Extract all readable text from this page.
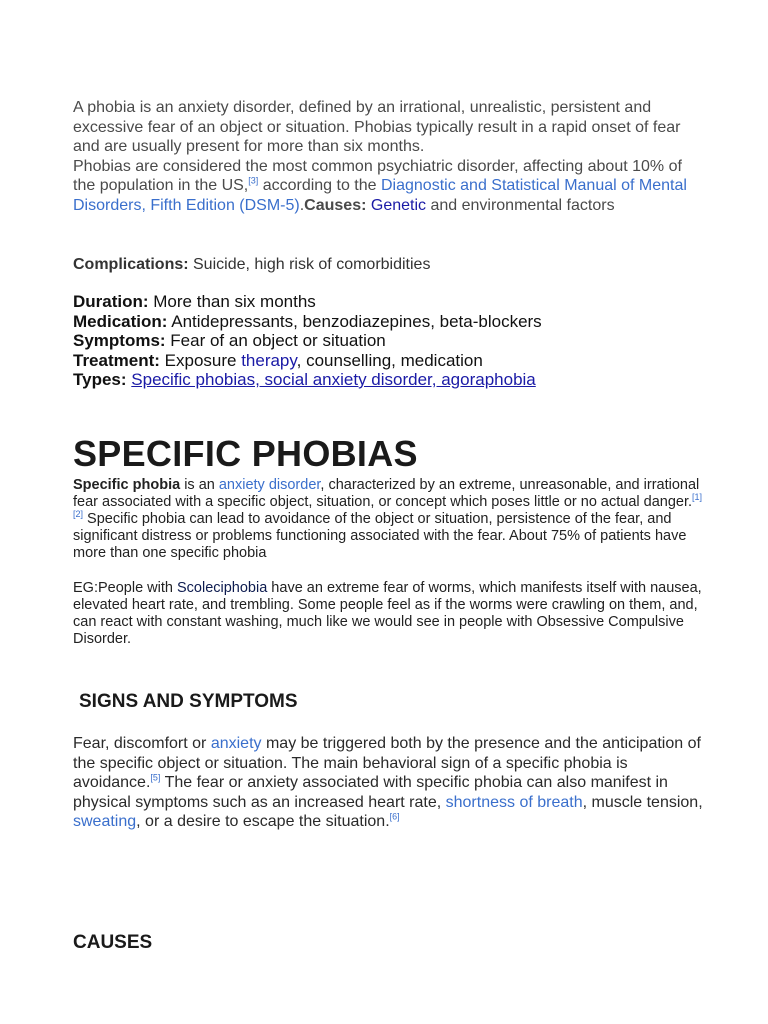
A phobia is an anxiety disorder, defined by an irrational, unrealistic, persistent and excessive fear of an object or situation. Phobias typically result in a rapid onset of fear and are usually present for more than six months.

Phobias are considered the most common psychiatric disorder, affecting about 10% of the population in the US,[3] according to the Diagnostic and Statistical Manual of Mental Disorders, Fifth Edition (DSM-5).Causes: Genetic and environmental factors

Complications: Suicide, high risk of comorbidities
Duration: More than six months
Medication: Antidepressants, benzodiazepines, beta-blockers
Symptoms: Fear of an object or situation
Treatment: Exposure therapy, counselling, medication
Types: Specific phobias, social anxiety disorder, agoraphobia
SPECIFIC PHOBIAS

Specific phobia is an anxiety disorder, characterized by an extreme, unreasonable, and irrational fear associated with a specific object, situation, or concept which poses little or no actual danger.[1][2] Specific phobia can lead to avoidance of the object or situation, persistence of the fear, and significant distress or problems functioning associated with the fear. About 75% of patients have more than one specific phobia

EG:People with Scoleciphobia have an extreme fear of worms, which manifests itself with nausea, elevated heart rate, and trembling. Some people feel as if the worms were crawling on them, and, can react with constant washing, much like we would see in people with Obsessive Compulsive Disorder.

SIGNS AND SYMPTOMS

Fear, discomfort or anxiety may be triggered both by the presence and the anticipation of the specific object or situation. The main behavioral sign of a specific phobia is avoidance.[5] The fear or anxiety associated with specific phobia can also manifest in physical symptoms such as an increased heart rate, shortness of breath, muscle tension, sweating, or a desire to escape the situation.[6]

CAUSES
